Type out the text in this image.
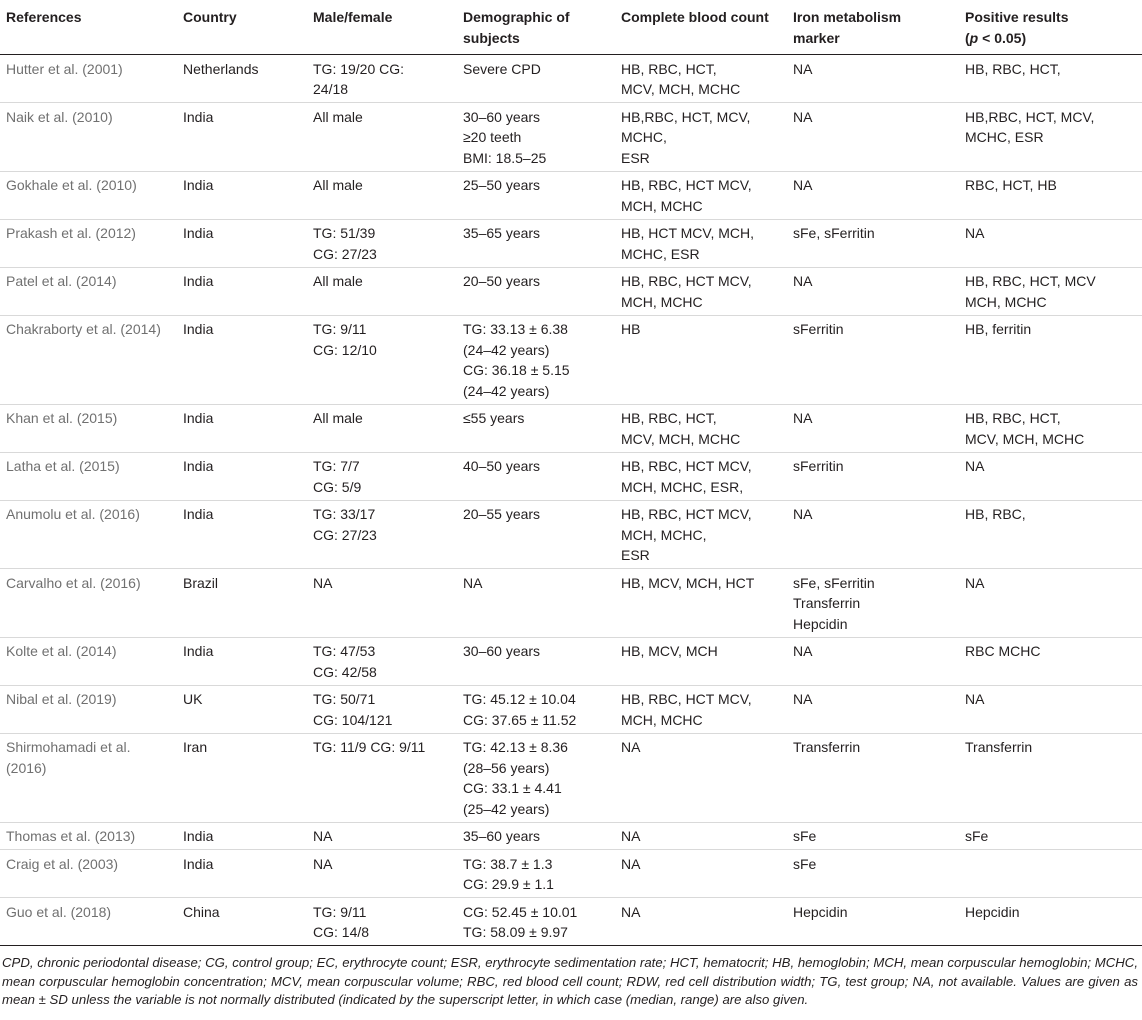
References	Country	Male/female	Demographic of
subjects	Complete blood count	Iron metabolism
marker	Positive results
(p < 0.05)
Hutter et al. (2001)	Netherlands	TG: 19/20 CG:
24/18	Severe CPD	HB, RBC, HCT,
MCV, MCH, MCHC	NA	HB, RBC, HCT,
Naik et al. (2010)	India	All male	30–60 years
≥20 teeth
BMI: 18.5–25	HB,RBC, HCT, MCV,
MCHC,
ESR	NA	HB,RBC, HCT, MCV,
MCHC, ESR
Gokhale et al. (2010)	India	All male	25–50 years	HB, RBC, HCT MCV,
MCH, MCHC	NA	RBC, HCT, HB
Prakash et al. (2012)	India	TG: 51/39
CG: 27/23	35–65 years	HB, HCT MCV, MCH,
MCHC, ESR	sFe, sFerritin	NA
Patel et al. (2014)	India	All male	20–50 years	HB, RBC, HCT MCV,
MCH, MCHC	NA	HB, RBC, HCT, MCV
MCH, MCHC
Chakraborty et al. (2014)	India	TG: 9/11
CG: 12/10	TG: 33.13 ± 6.38
(24–42 years)
CG: 36.18 ± 5.15
(24–42 years)	HB	sFerritin	HB, ferritin
Khan et al. (2015)	India	All male	≤55 years	HB, RBC, HCT,
MCV, MCH, MCHC	NA	HB, RBC, HCT,
MCV, MCH, MCHC
Latha et al. (2015)	India	TG: 7/7
CG: 5/9	40–50 years	HB, RBC, HCT MCV,
MCH, MCHC, ESR,	sFerritin	NA
Anumolu et al. (2016)	India	TG: 33/17
CG: 27/23	20–55 years	HB, RBC, HCT MCV,
MCH, MCHC,
ESR	NA	HB, RBC,
Carvalho et al. (2016)	Brazil	NA	NA	HB, MCV, MCH, HCT	sFe, sFerritin
Transferrin
Hepcidin	NA
Kolte et al. (2014)	India	TG: 47/53
CG: 42/58	30–60 years	HB, MCV, MCH	NA	RBC MCHC
Nibal et al. (2019)	UK	TG: 50/71
CG: 104/121	TG: 45.12 ± 10.04
CG: 37.65 ± 11.52	HB, RBC, HCT MCV,
MCH, MCHC	NA	NA
Shirmohamadi et al.
(2016)	Iran	TG: 11/9 CG: 9/11	TG: 42.13 ± 8.36
(28–56 years)
CG: 33.1 ± 4.41
(25–42 years)	NA	Transferrin	Transferrin
Thomas et al. (2013)	India	NA	35–60 years	NA	sFe	sFe
Craig et al. (2003)	India	NA	TG: 38.7 ± 1.3
CG: 29.9 ± 1.1	NA	sFe	
Guo et al. (2018)	China	TG: 9/11
CG: 14/8	CG: 52.45 ± 10.01
TG: 58.09 ± 9.97	NA	Hepcidin	Hepcidin
CPD, chronic periodontal disease; CG, control group; EC, erythrocyte count; ESR, erythrocyte sedimentation rate; HCT, hematocrit; HB, hemoglobin; MCH, mean corpuscular hemoglobin; MCHC, mean corpuscular hemoglobin concentration; MCV, mean corpuscular volume; RBC, red blood cell count; RDW, red cell distribution width; TG, test group; NA, not available. Values are given as mean ± SD unless the variable is not normally distributed (indicated by the superscript letter, in which case (median, range) are also given.
